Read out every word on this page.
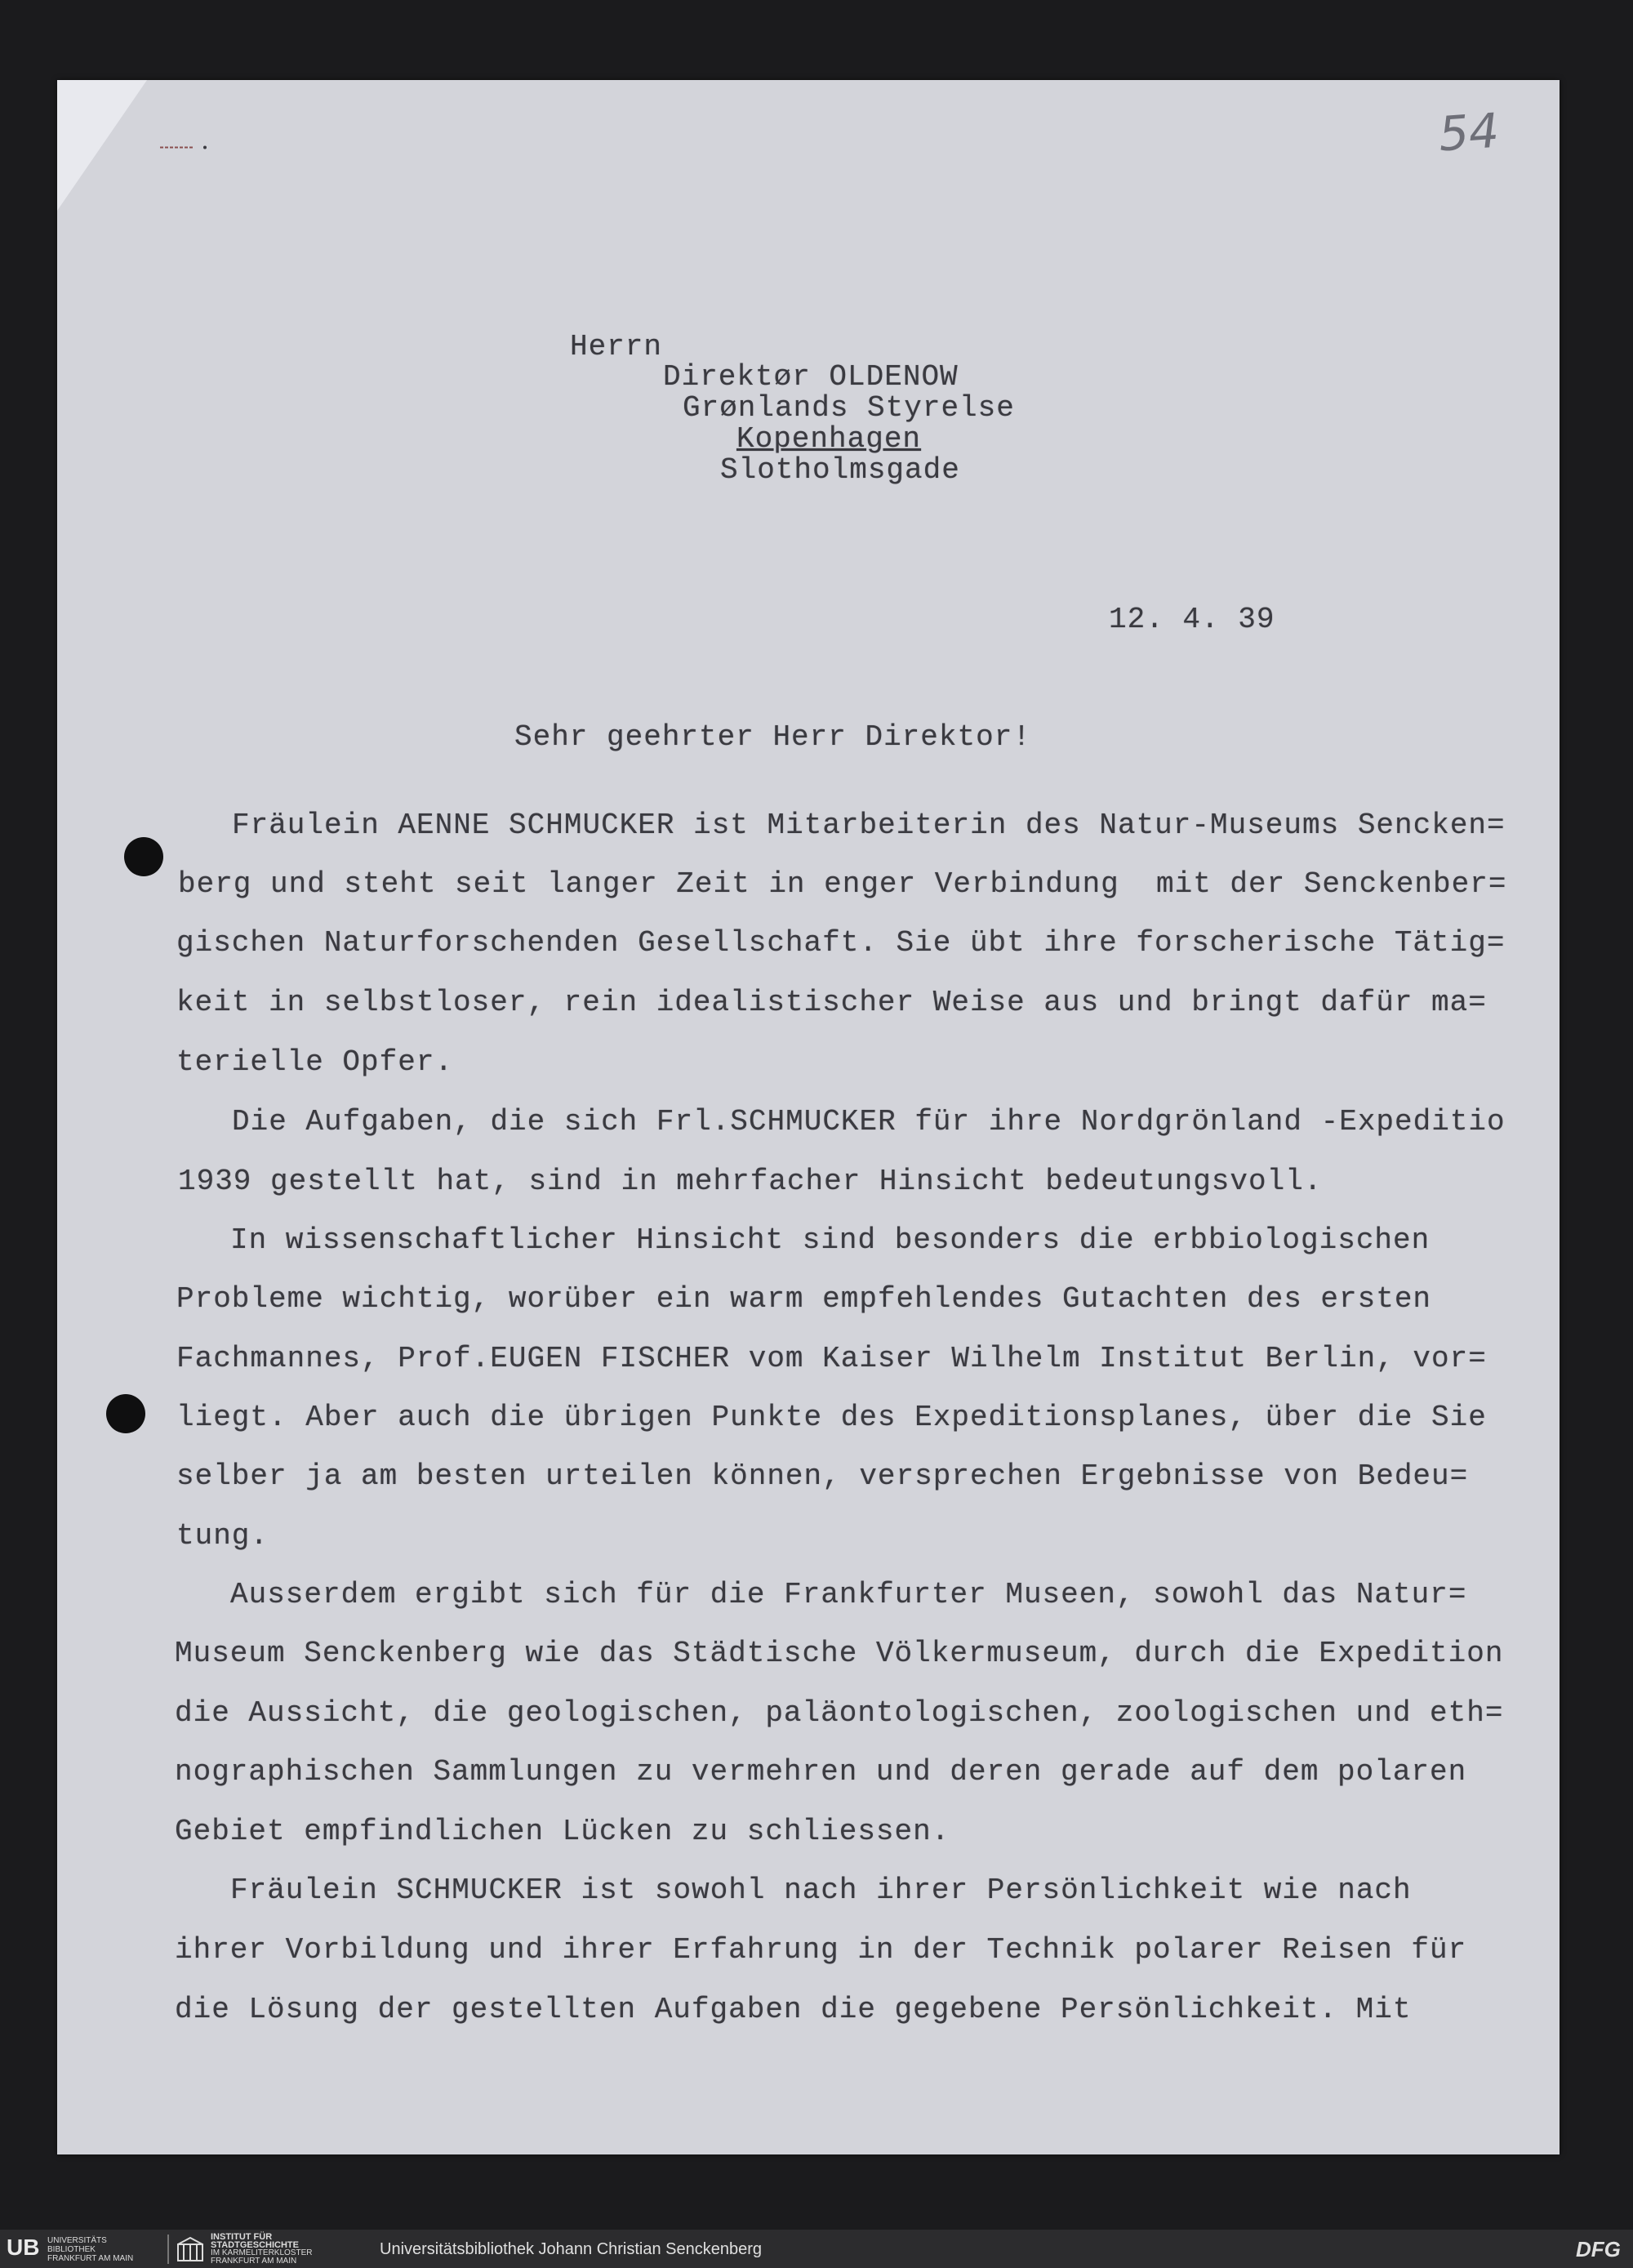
54
Herrn
Direktør OLDENOW
Grønlands Styrelse
Kopenhagen
Slotholmsgade
12. 4. 39
Sehr geehrter Herr Direktor!
Fräulein AENNE SCHMUCKER ist Mitarbeiterin des Natur-Museums Sencken=
berg und steht seit langer Zeit in enger Verbindung  mit der Senckenber=
gischen Naturforschenden Gesellschaft. Sie übt ihre forscherische Tätig=
keit in selbstloser, rein idealistischer Weise aus und bringt dafür ma=
terielle Opfer.
Die Aufgaben, die sich Frl.SCHMUCKER für ihre Nordgrönland -Expeditio
1939 gestellt hat, sind in mehrfacher Hinsicht bedeutungsvoll.
In wissenschaftlicher Hinsicht sind besonders die erbbiologischen
Probleme wichtig, worüber ein warm empfehlendes Gutachten des ersten
Fachmannes, Prof.EUGEN FISCHER vom Kaiser Wilhelm Institut Berlin, vor=
liegt. Aber auch die übrigen Punkte des Expeditionsplanes, über die Sie
selber ja am besten urteilen können, versprechen Ergebnisse von Bedeu=
tung.
Ausserdem ergibt sich für die Frankfurter Museen, sowohl das Natur=
Museum Senckenberg wie das Städtische Völkermuseum, durch die Expedition
die Aussicht, die geologischen, paläontologischen, zoologischen und eth=
nographischen Sammlungen zu vermehren und deren gerade auf dem polaren
Gebiet empfindlichen Lücken zu schliessen.
Fräulein SCHMUCKER ist sowohl nach ihrer Persönlichkeit wie nach
ihrer Vorbildung und ihrer Erfahrung in der Technik polarer Reisen für
die Lösung der gestellten Aufgaben die gegebene Persönlichkeit. Mit
UB UNIVERSITÄTS
BIBLIOTHEK
FRANKFURT AM MAIN
INSTITUT FÜR
STADTGESCHICHTE
IM KARMELITERKLOSTER
FRANKFURT AM MAIN
Universitätsbibliothek Johann Christian Senckenberg	DFG
